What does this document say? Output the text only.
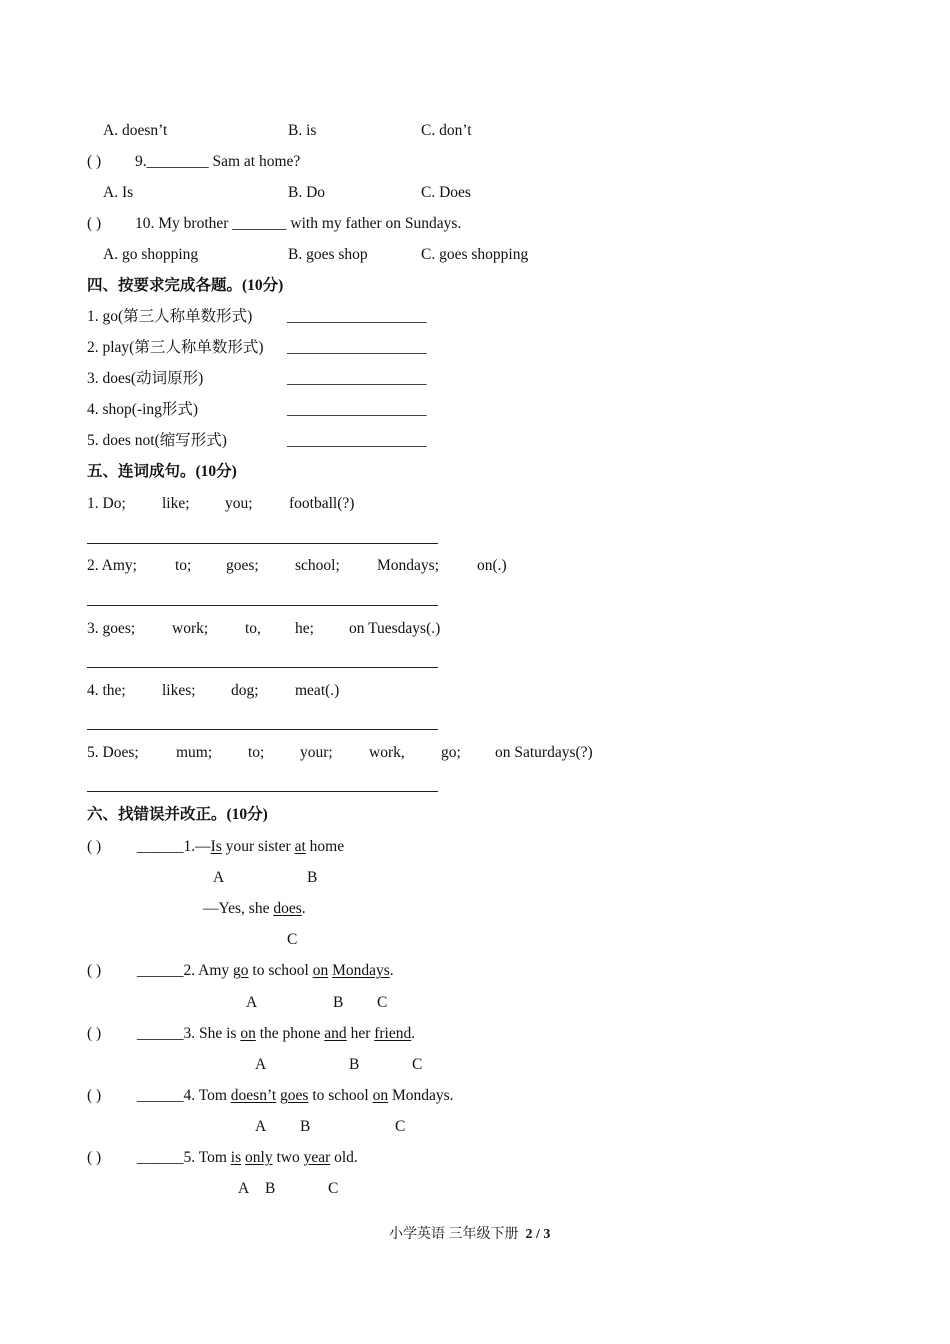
A. doesn’t	B. is	C. don’t
( ) 9.________ Sam at home?
A. Is	B. Do	C. Does
( ) 10. My brother _______ with my father on Sundays.
A. go shopping	B. goes shop	C. goes shopping
四、按要求完成各题。(10分)
1. go(第三人称单数形式) __________________
2. play(第三人称单数形式) __________________
3. does(动词原形)	__________________
4. shop(-ing形式)	__________________
5. does not(缩写形式)	__________________
五、连词成句。(10分)
1. Do; like; you; football(?)
2. Amy; to; goes; school; Mondays; on(.)
3. goes; work; to, he; on Tuesdays(.)
4. the; likes; dog; meat(.)
5. Does; mum; to; your; work, go; on Saturdays(?)
六、找错误并改正。(10分)
( ) ______1.—Is your sister at home
A	B
—Yes, she does.
C
( ) ______2. Amy go to school on Mondays.
A	B C
( ) ______3. She is on the phone and her friend.
A	B	C
( ) ______4. Tom doesn’t goes to school on Mondays.
A B	C
( ) ______5. Tom is only two year old.
A B	C
小学英语 三年级下册 2 / 3
